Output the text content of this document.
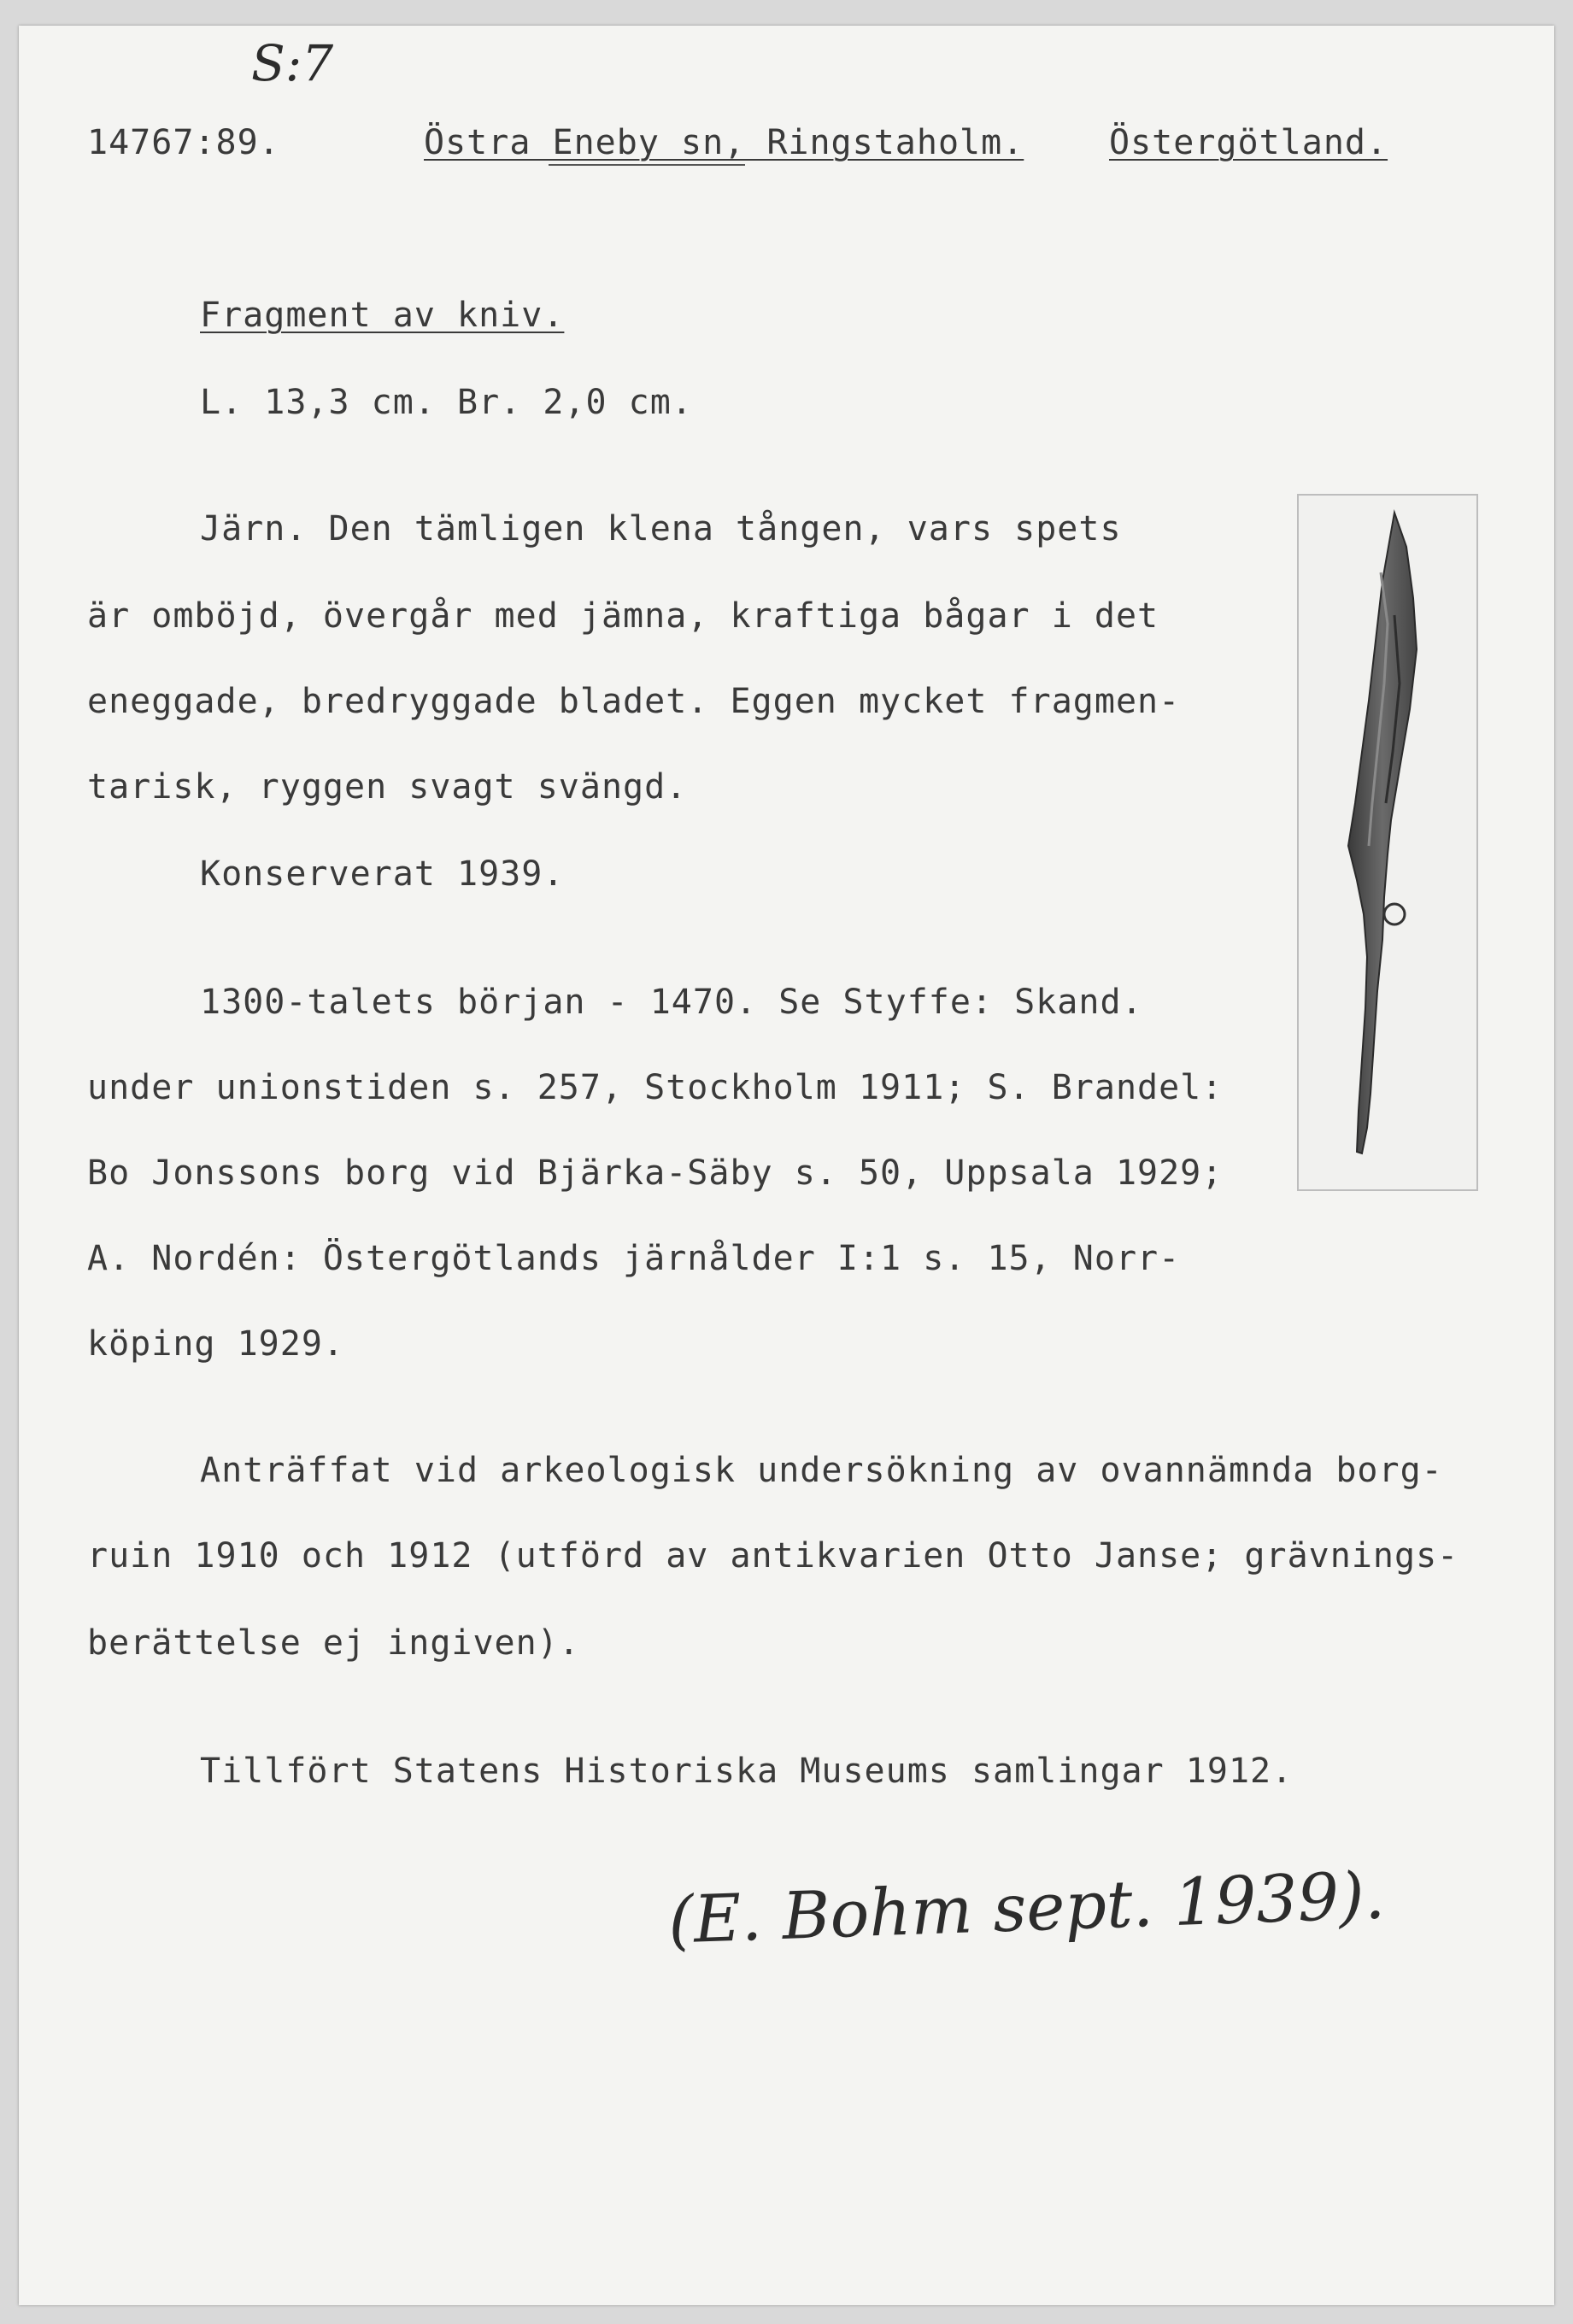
S:7
14767:89.	Östra Eneby sn, Ringstaholm. Östergötland.
Fragment av kniv.
L. 13,3 cm. Br. 2,0 cm.
Järn. Den tämligen klena tången, vars spets
är omböjd, övergår med jämna, kraftiga bågar i det
eneggade, bredryggade bladet. Eggen mycket fragmen-
tarisk, ryggen svagt svängd.
Konserverat 1939.
1300-talets början - 1470. Se Styffe: Skand.
under unionstiden s. 257, Stockholm 1911; S. Brandel:
Bo Jonssons borg vid Bjärka-Säby s. 50, Uppsala 1929;
A. Nordén: Östergötlands järnålder I:1 s. 15, Norr-
köping 1929.
Anträffat vid arkeologisk undersökning av ovannämnda borg-
ruin 1910 och 1912 (utförd av antikvarien Otto Janse; grävnings-
berättelse ej ingiven).
Tillfört Statens Historiska Museums samlingar 1912.
(E. Bohm sept. 1939).
